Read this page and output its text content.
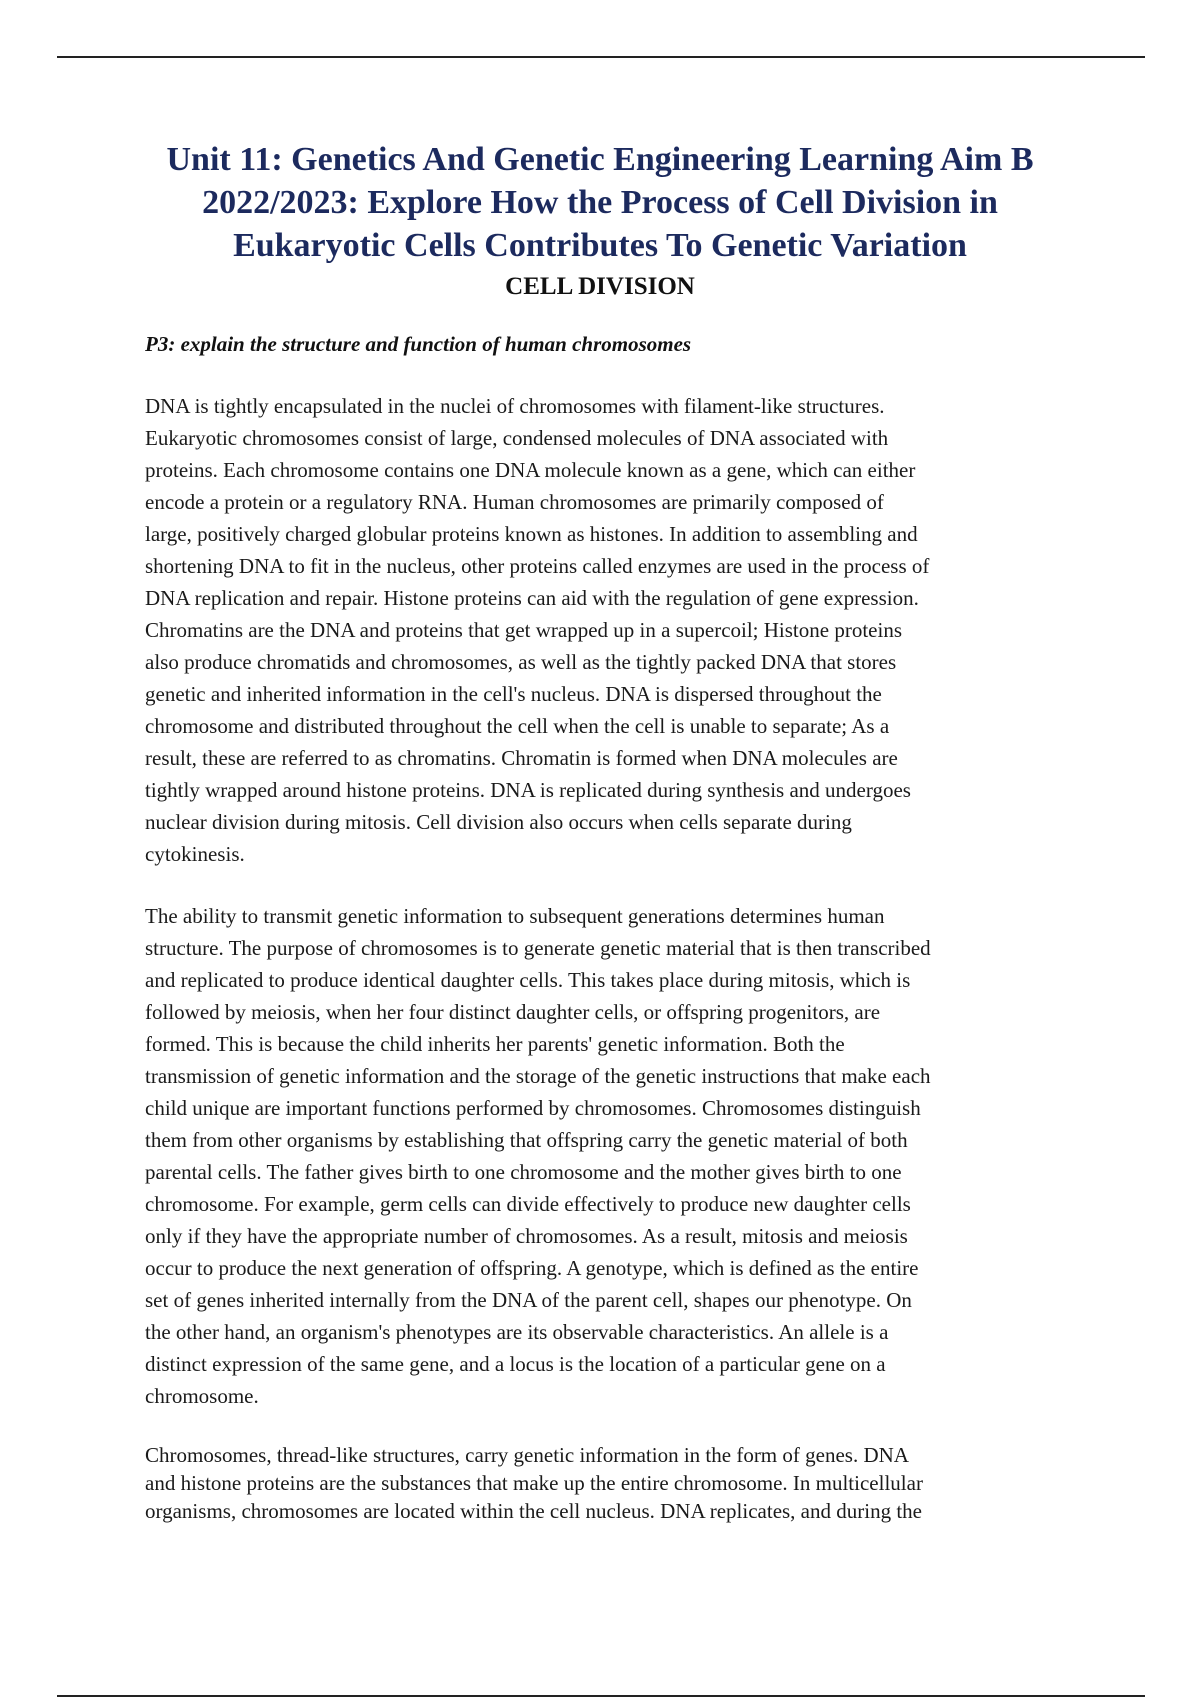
Unit 11: Genetics And Genetic Engineering Learning Aim B
2022/2023: Explore How the Process of Cell Division in
Eukaryotic Cells Contributes To Genetic Variation
CELL DIVISION
P3: explain the structure and function of human chromosomes
DNA is tightly encapsulated in the nuclei of chromosomes with filament-like structures.
Eukaryotic chromosomes consist of large, condensed molecules of DNA associated with
proteins. Each chromosome contains one DNA molecule known as a gene, which can either
encode a protein or a regulatory RNA. Human chromosomes are primarily composed of
large, positively charged globular proteins known as histones. In addition to assembling and
shortening DNA to fit in the nucleus, other proteins called enzymes are used in the process of
DNA replication and repair. Histone proteins can aid with the regulation of gene expression.
Chromatins are the DNA and proteins that get wrapped up in a supercoil; Histone proteins
also produce chromatids and chromosomes, as well as the tightly packed DNA that stores
genetic and inherited information in the cell's nucleus. DNA is dispersed throughout the
chromosome and distributed throughout the cell when the cell is unable to separate; As a
result, these are referred to as chromatins. Chromatin is formed when DNA molecules are
tightly wrapped around histone proteins. DNA is replicated during synthesis and undergoes
nuclear division during mitosis. Cell division also occurs when cells separate during
cytokinesis.
The ability to transmit genetic information to subsequent generations determines human
structure. The purpose of chromosomes is to generate genetic material that is then transcribed
and replicated to produce identical daughter cells. This takes place during mitosis, which is
followed by meiosis, when her four distinct daughter cells, or offspring progenitors, are
formed. This is because the child inherits her parents' genetic information. Both the
transmission of genetic information and the storage of the genetic instructions that make each
child unique are important functions performed by chromosomes. Chromosomes distinguish
them from other organisms by establishing that offspring carry the genetic material of both
parental cells. The father gives birth to one chromosome and the mother gives birth to one
chromosome. For example, germ cells can divide effectively to produce new daughter cells
only if they have the appropriate number of chromosomes. As a result, mitosis and meiosis
occur to produce the next generation of offspring. A genotype, which is defined as the entire
set of genes inherited internally from the DNA of the parent cell, shapes our phenotype. On
the other hand, an organism's phenotypes are its observable characteristics. An allele is a
distinct expression of the same gene, and a locus is the location of a particular gene on a
chromosome.
Chromosomes, thread-like structures, carry genetic information in the form of genes. DNA
and histone proteins are the substances that make up the entire chromosome. In multicellular
organisms, chromosomes are located within the cell nucleus. DNA replicates, and during the
